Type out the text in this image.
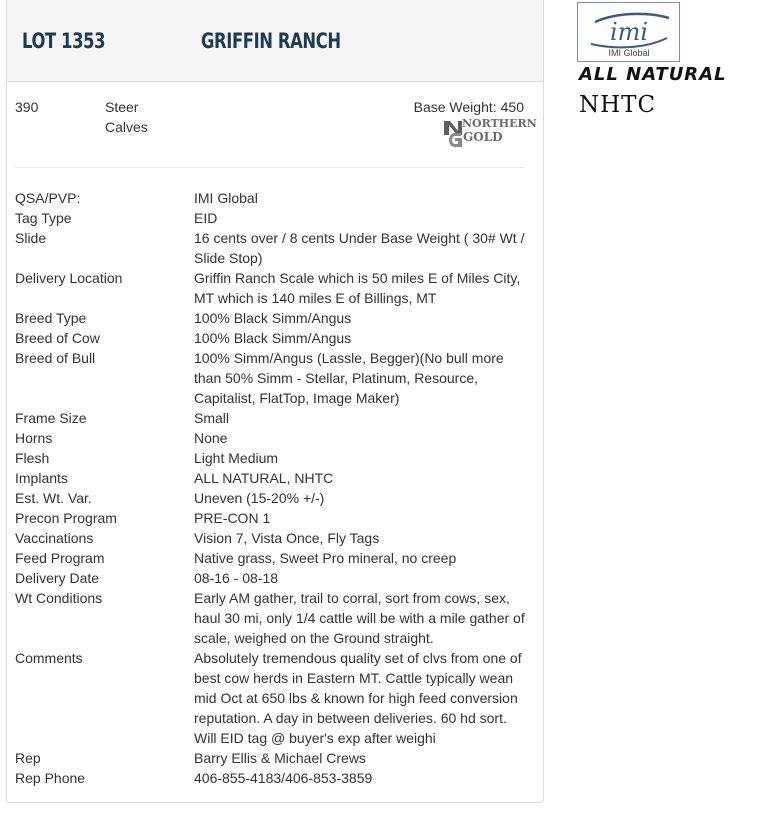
LOT 1353	GRIFFIN RANCH
390	Steer Calves
Base Weight: 450
NORTHERN
GOLD
QSA/PVP:	IMI Global
Tag Type	EID
Slide	16 cents over / 8 cents Under Base Weight ( 30# Wt / Slide Stop)
Delivery Location	Griffin Ranch Scale which is 50 miles E of Miles City, MT which is 140 miles E of Billings, MT
Breed Type	100% Black Simm/Angus
Breed of Cow	100% Black Simm/Angus
Breed of Bull	100% Simm/Angus (Lassle, Begger)(No bull more than 50% Simm - Stellar, Platinum, Resource, Capitalist, FlatTop, Image Maker)
Frame Size	Small
Horns	None
Flesh	Light Medium
Implants	ALL NATURAL, NHTC
Est. Wt. Var.	Uneven (15-20% +/-)
Precon Program	PRE-CON 1
Vaccinations	Vision 7, Vista Once, Fly Tags
Feed Program	Native grass, Sweet Pro mineral, no creep
Delivery Date	08-16 - 08-18
Wt Conditions	Early AM gather, trail to corral, sort from cows, sex, haul 30 mi, only 1/4 cattle will be with a mile gather of scale, weighed on the Ground straight.
Comments	Absolutely tremendous quality set of clvs from one of best cow herds in Eastern MT. Cattle typically wean mid Oct at 650 lbs & known for high feed conversion reputation. A day in between deliveries. 60 hd sort. Will EID tag @ buyer's exp after weighi
Rep	Barry Ellis & Michael Crews
Rep Phone	406-855-4183/406-853-3859
imi
IMI Global
ALL NATURAL
NHTC
